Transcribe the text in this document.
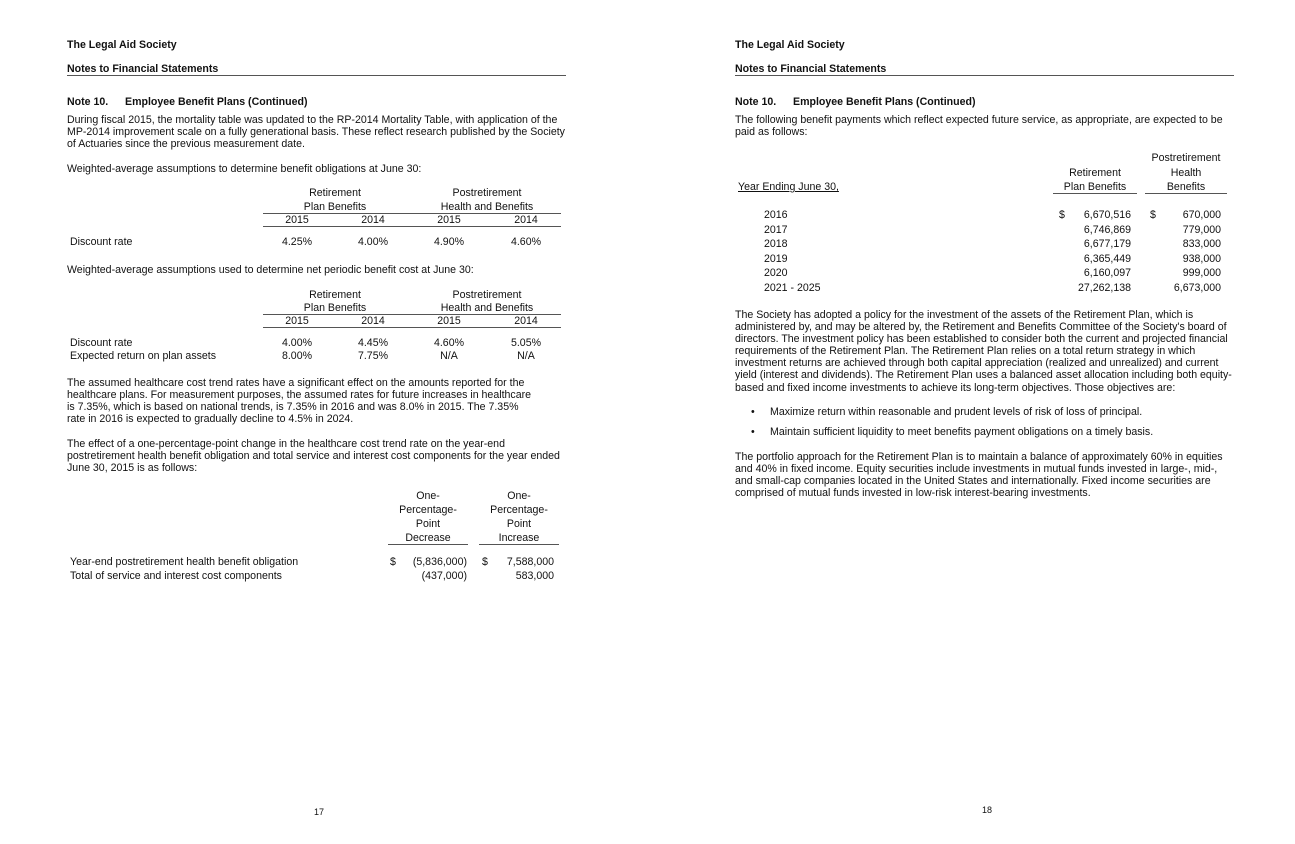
The Legal Aid Society
Notes to Financial Statements
Note 10. Employee Benefit Plans (Continued)
During fiscal 2015, the mortality table was updated to the RP-2014 Mortality Table, with application of the MP-2014 improvement scale on a fully generational basis. These reflect research published by the Society of Actuaries since the previous measurement date.
Weighted-average assumptions to determine benefit obligations at June 30:
Retirement
Plan Benefits
Postretirement
Health and Benefits
2015	2014	2015	2014
Discount rate	4.25%	4.00%	4.90%	4.60%
Weighted-average assumptions used to determine net periodic benefit cost at June 30:
Retirement
Plan Benefits
Postretirement
Health and Benefits
2015	2014	2015	2014
Discount rate	4.00%	4.45%	4.60%	5.05%
Expected return on plan assets	8.00%	7.75%	N/A	N/A
The assumed healthcare cost trend rates have a significant effect on the amounts reported for the healthcare plans. For measurement purposes, the assumed rates for future increases in healthcare is 7.35%, which is based on national trends, is 7.35% in 2016 and was 8.0% in 2015. The 7.35% rate in 2016 is expected to gradually decline to 4.5% in 2024.
The effect of a one-percentage-point change in the healthcare cost trend rate on the year-end postretirement health benefit obligation and total service and interest cost components for the year ended June 30, 2015 is as follows:
One-
Percentage-
Point
Decrease
One-
Percentage-
Point
Increase
Year-end postretirement health benefit obligation	$	(5,836,000) $	7,588,000
Total of service and interest cost components	(437,000)	583,000
17
The Legal Aid Society
Notes to Financial Statements
Note 10. Employee Benefit Plans (Continued)
The following benefit payments which reflect expected future service, as appropriate, are expected to be paid as follows:
Postretirement
Retirement	Health
Year Ending June 30,	Plan Benefits	Benefits
2016	$	6,670,516 $	670,000
2017	6,746,869	779,000
2018	6,677,179	833,000
2019	6,365,449	938,000
2020	6,160,097	999,000
2021 - 2025	27,262,138	6,673,000
The Society has adopted a policy for the investment of the assets of the Retirement Plan, which is administered by, and may be altered by, the Retirement and Benefits Committee of the Society's board of directors. The investment policy has been established to consider both the current and projected financial requirements of the Retirement Plan. The Retirement Plan relies on a total return strategy in which investment returns are achieved through both capital appreciation (realized and unrealized) and current yield (interest and dividends). The Retirement Plan uses a balanced asset allocation including both equity-based and fixed income investments to achieve its long-term objectives. Those objectives are:
• Maximize return within reasonable and prudent levels of risk of loss of principal.
• Maintain sufficient liquidity to meet benefits payment obligations on a timely basis.
The portfolio approach for the Retirement Plan is to maintain a balance of approximately 60% in equities and 40% in fixed income. Equity securities include investments in mutual funds invested in large-, mid-, and small-cap companies located in the United States and internationally. Fixed income securities are comprised of mutual funds invested in low-risk interest-bearing investments.
18
